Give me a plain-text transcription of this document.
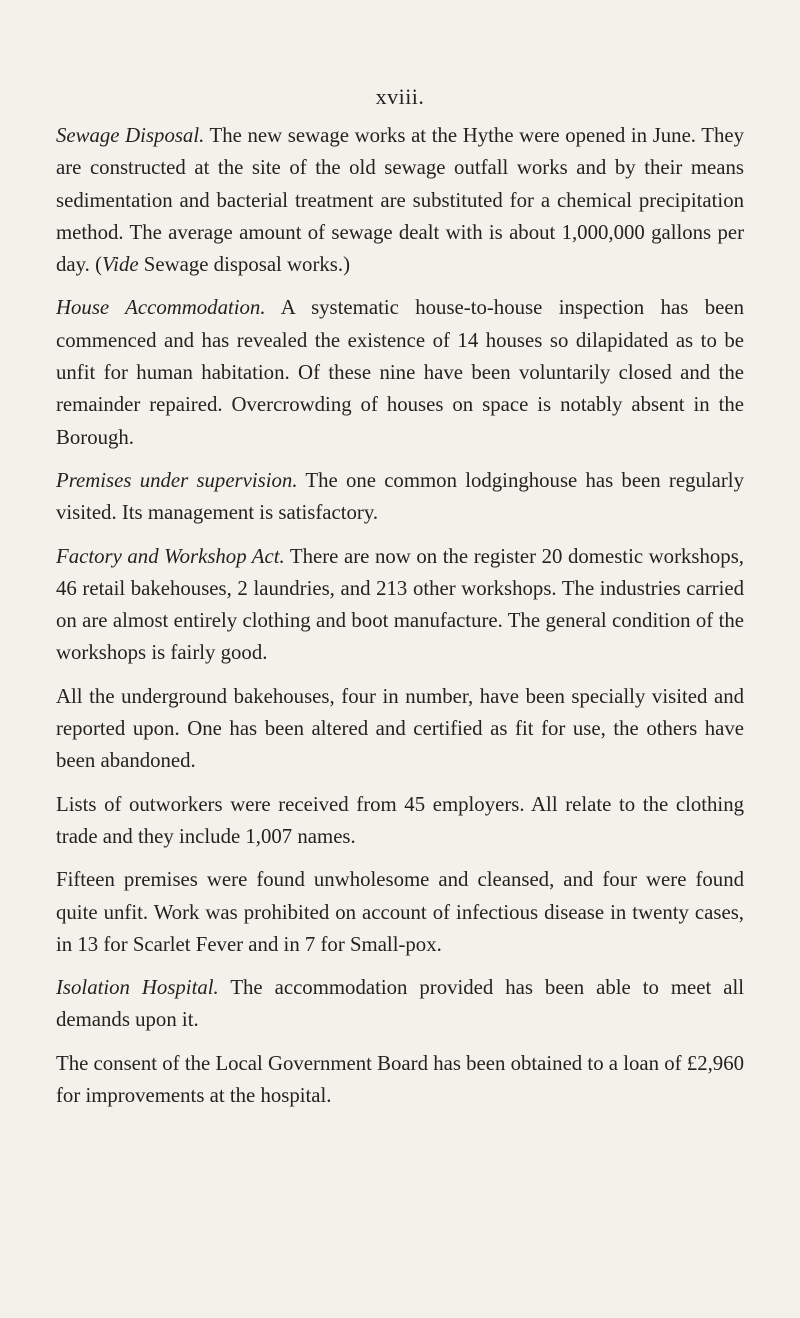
xviii.

Sewage Disposal. The new sewage works at the Hythe were opened in June. They are constructed at the site of the old sewage outfall works and by their means sedimentation and bacterial treatment are substituted for a chemical precipitation method. The average amount of sewage dealt with is about 1,000,000 gallons per day. (Vide Sewage disposal works.)

House Accommodation. A systematic house-to-house inspection has been commenced and has revealed the existence of 14 houses so dilapidated as to be unfit for human habitation. Of these nine have been voluntarily closed and the remainder repaired. Overcrowding of houses on space is notably absent in the Borough.

Premises under supervision. The one common lodginghouse has been regularly visited. Its management is satisfactory.

Factory and Workshop Act. There are now on the register 20 domestic workshops, 46 retail bakehouses, 2 laundries, and 213 other workshops. The industries carried on are almost entirely clothing and boot manufacture. The general condition of the workshops is fairly good.

All the underground bakehouses, four in number, have been specially visited and reported upon. One has been altered and certified as fit for use, the others have been abandoned.

Lists of outworkers were received from 45 employers. All relate to the clothing trade and they include 1,007 names.

Fifteen premises were found unwholesome and cleansed, and four were found quite unfit. Work was prohibited on account of infectious disease in twenty cases, in 13 for Scarlet Fever and in 7 for Small-pox.

Isolation Hospital. The accommodation provided has been able to meet all demands upon it.

The consent of the Local Government Board has been obtained to a loan of £2,960 for improvements at the hospital.
